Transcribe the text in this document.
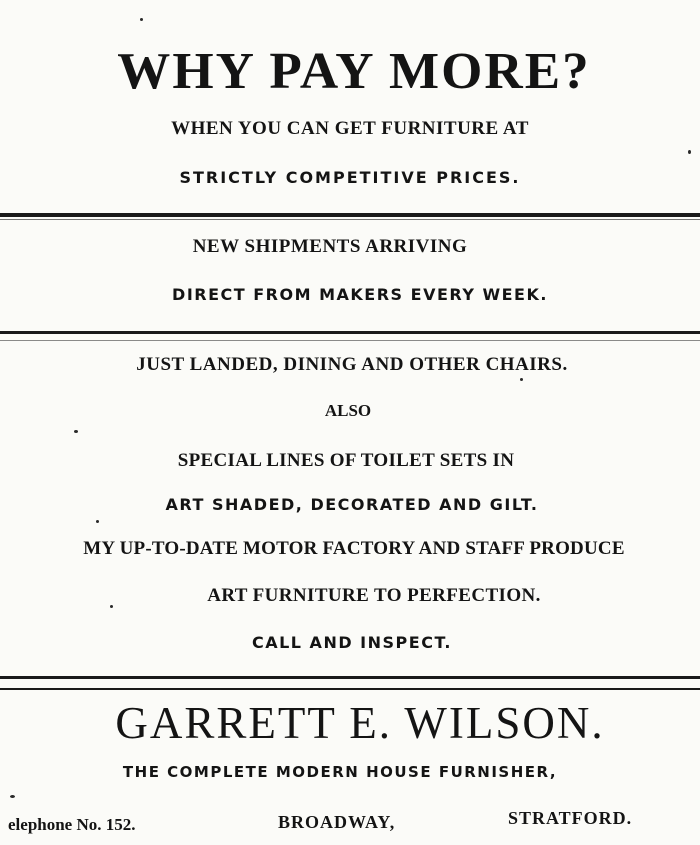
WHY PAY MORE?
WHEN YOU CAN GET FURNITURE AT
STRICTLY COMPETITIVE PRICES.
NEW SHIPMENTS ARRIVING
DIRECT FROM MAKERS EVERY WEEK.
JUST LANDED, DINING AND OTHER CHAIRS.
ALSO
SPECIAL LINES OF TOILET SETS IN
ART SHADED, DECORATED AND GILT.
MY UP-TO-DATE MOTOR FACTORY AND STAFF PRODUCE
ART FURNITURE TO PERFECTION.
CALL AND INSPECT.
GARRETT E. WILSON.
THE COMPLETE MODERN HOUSE FURNISHER,
elephone No. 152.	BROADWAY,	STRATFORD.
